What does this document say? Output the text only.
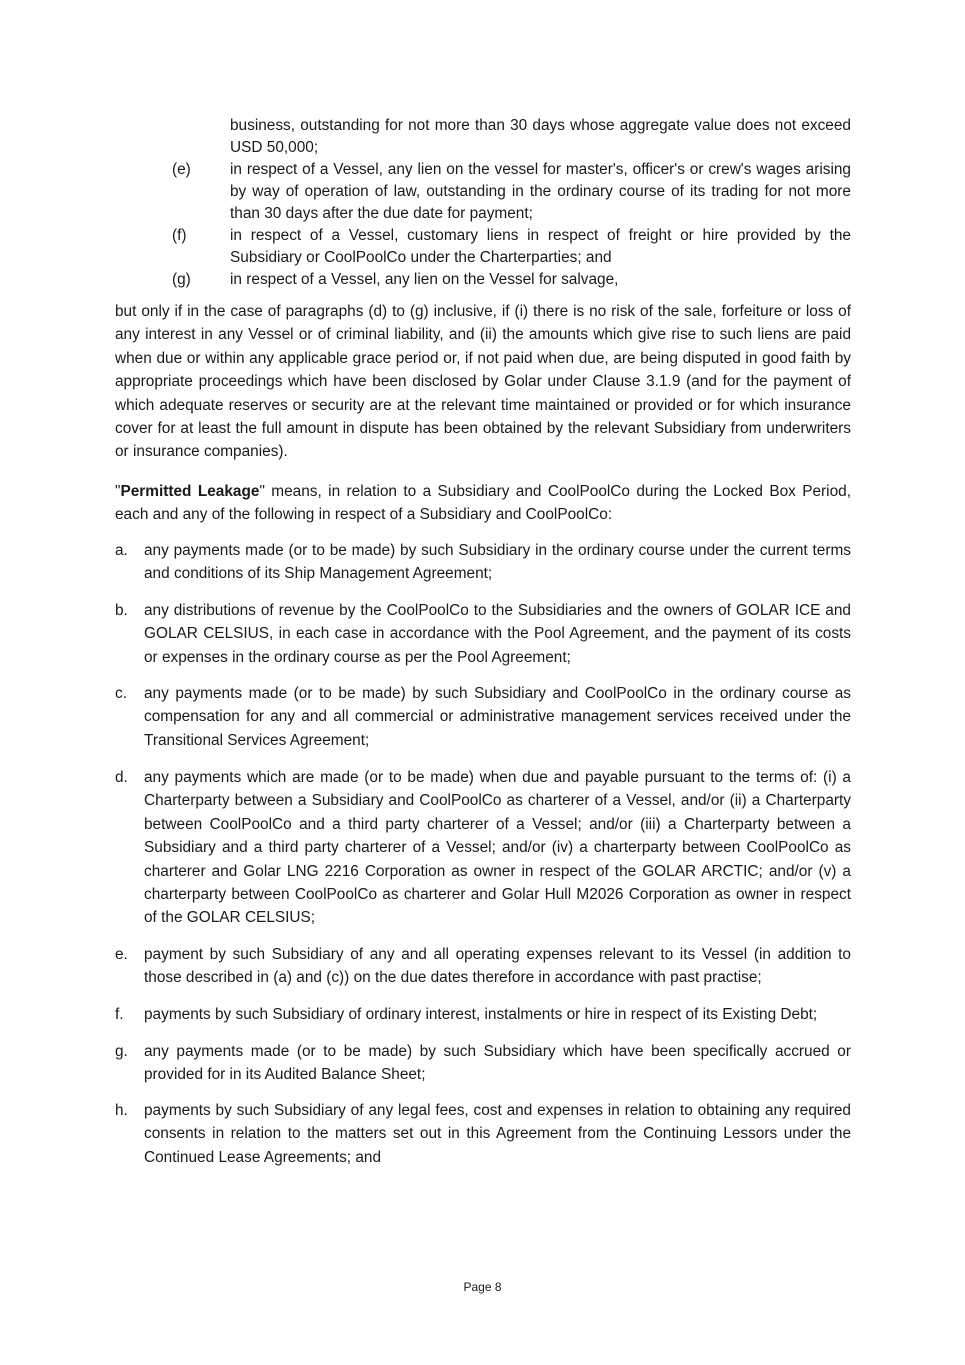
business, outstanding for not more than 30 days whose aggregate value does not exceed USD 50,000;
(e)	in respect of a Vessel, any lien on the vessel for master's, officer's or crew's wages arising by way of operation of law, outstanding in the ordinary course of its trading for not more than 30 days after the due date for payment;
(f)	in respect of a Vessel, customary liens in respect of freight or hire provided by the Subsidiary or CoolPoolCo under the Charterparties; and
(g)	in respect of a Vessel, any lien on the Vessel for salvage,
but only if in the case of paragraphs (d) to (g) inclusive, if (i) there is no risk of the sale, forfeiture or loss of any interest in any Vessel or of criminal liability, and (ii) the amounts which give rise to such liens are paid when due or within any applicable grace period or, if not paid when due, are being disputed in good faith by appropriate proceedings which have been disclosed by Golar under Clause 3.1.9 (and for the payment of which adequate reserves or security are at the relevant time maintained or provided or for which insurance cover for at least the full amount in dispute has been obtained by the relevant Subsidiary from underwriters or insurance companies).
"Permitted Leakage" means, in relation to a Subsidiary and CoolPoolCo during the Locked Box Period, each and any of the following in respect of a Subsidiary and CoolPoolCo:
a.	any payments made (or to be made) by such Subsidiary in the ordinary course under the current terms and conditions of its Ship Management Agreement;
b.	any distributions of revenue by the CoolPoolCo to the Subsidiaries and the owners of GOLAR ICE and GOLAR CELSIUS, in each case in accordance with the Pool Agreement, and the payment of its costs or expenses in the ordinary course as per the Pool Agreement;
c.	any payments made (or to be made) by such Subsidiary and CoolPoolCo in the ordinary course as compensation for any and all commercial or administrative management services received under the Transitional Services Agreement;
d.	any payments which are made (or to be made) when due and payable pursuant to the terms of: (i) a Charterparty between a Subsidiary and CoolPoolCo as charterer of a Vessel, and/or (ii) a Charterparty between CoolPoolCo and a third party charterer of a Vessel; and/or (iii) a Charterparty between a Subsidiary and a third party charterer of a Vessel; and/or (iv) a charterparty between CoolPoolCo as charterer and Golar LNG 2216 Corporation as owner in respect of the GOLAR ARCTIC; and/or (v) a charterparty between CoolPoolCo as charterer and Golar Hull M2026 Corporation as owner in respect of the GOLAR CELSIUS;
e.	payment by such Subsidiary of any and all operating expenses relevant to its Vessel (in addition to those described in (a) and (c)) on the due dates therefore in accordance with past practise;
f.	payments by such Subsidiary of ordinary interest, instalments or hire in respect of its Existing Debt;
g.	any payments made (or to be made) by such Subsidiary which have been specifically accrued or provided for in its Audited Balance Sheet;
h.	payments by such Subsidiary of any legal fees, cost and expenses in relation to obtaining any required consents in relation to the matters set out in this Agreement from the Continuing Lessors under the Continued Lease Agreements; and
Page 8
